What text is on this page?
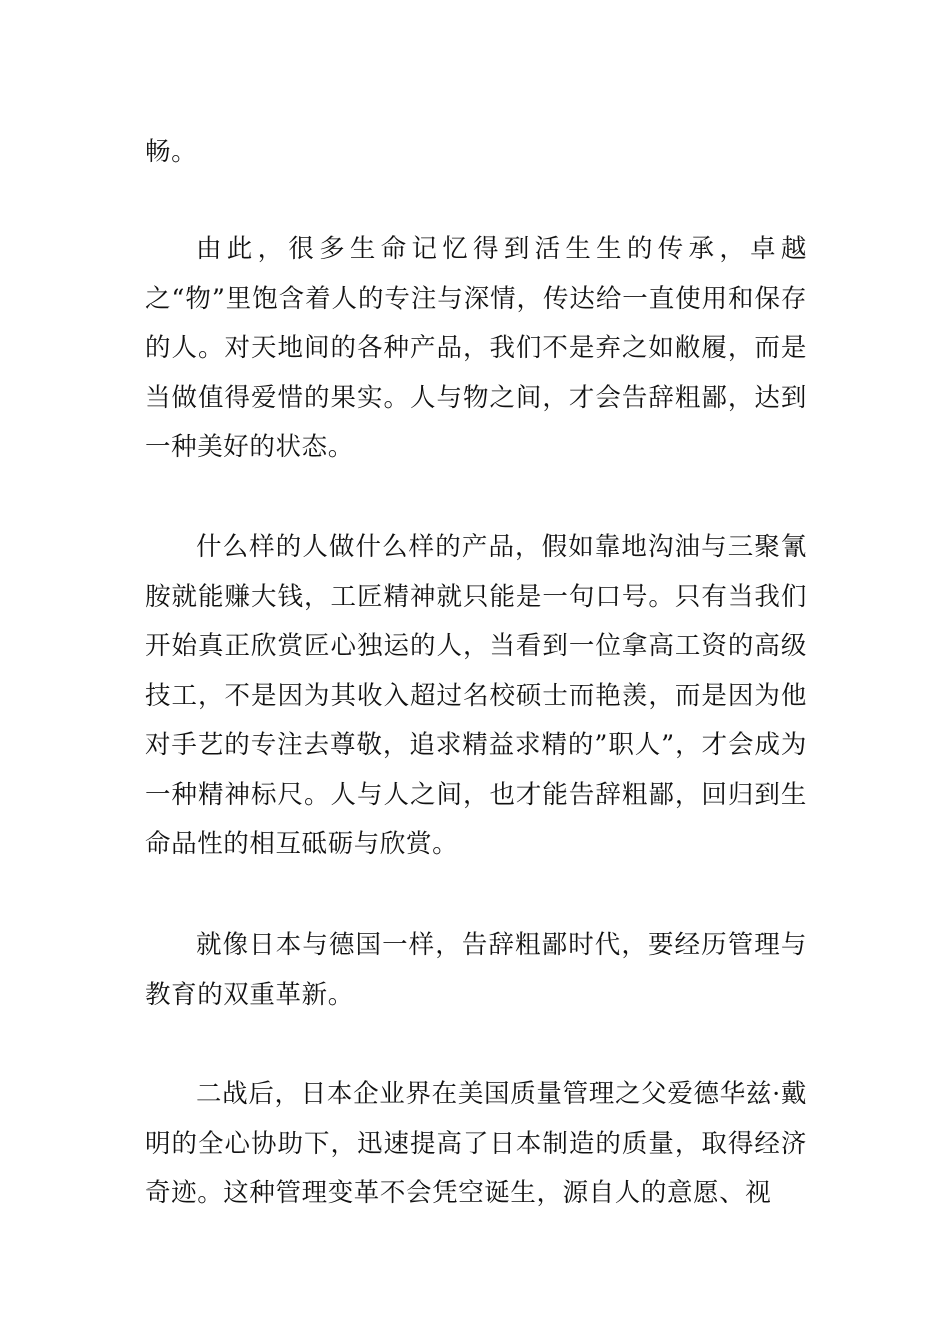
畅。

由此，很多生命记忆得到活生生的传承，卓越之“物”里饱含着人的专注与深情，传达给一直使用和保存的人。对天地间的各种产品，我们不是弃之如敝履，而是当做值得爱惜的果实。人与物之间，才会告辞粗鄙，达到一种美好的状态。

什么样的人做什么样的产品，假如靠地沟油与三聚氰胺就能赚大钱，工匠精神就只能是一句口号。只有当我们开始真正欣赏匠心独运的人，当看到一位拿高工资的高级技工，不是因为其收入超过名校硕士而艳羡，而是因为他对手艺的专注去尊敬，追求精益求精的”职人”，才会成为一种精神标尺。人与人之间，也才能告辞粗鄙，回归到生命品性的相互砥砺与欣赏。

就像日本与德国一样，告辞粗鄙时代，要经历管理与教育的双重革新。

二战后，日本企业界在美国质量管理之父爱德华兹·戴明的全心协助下，迅速提高了日本制造的质量，取得经济奇迹。这种管理变革不会凭空诞生，源自人的意愿、视
